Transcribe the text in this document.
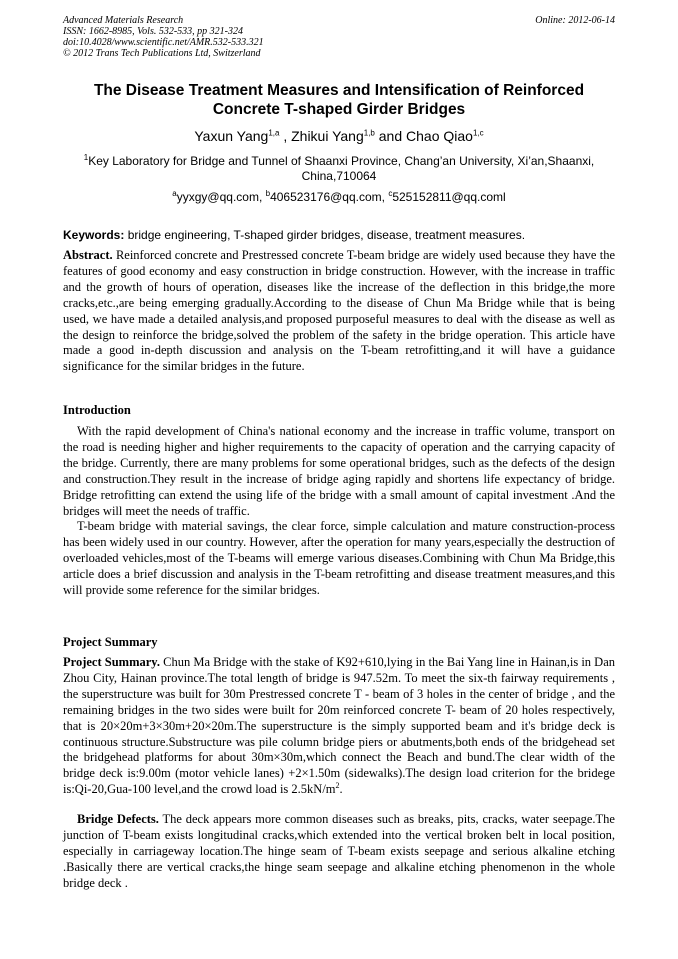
Advanced Materials Research
ISSN: 1662-8985, Vols. 532-533, pp 321-324
doi:10.4028/www.scientific.net/AMR.532-533.321
© 2012 Trans Tech Publications Ltd, Switzerland
Online: 2012-06-14
The Disease Treatment Measures and Intensification of Reinforced
Concrete T-shaped Girder Bridges
Yaxun Yang$^{1,a}$ , Zhikui Yang$^{1,b}$ and Chao Qiao$^{1,c}$
$^1$Key Laboratory for Bridge and Tunnel of Shaanxi Province, Chang’an University, Xi’an,Shaanxi, China,710064
$^a$yyxgy@qq.com, $^b$406523176@qq.com, $^c$525152811@qq.coml
Keywords: bridge engineering, T-shaped girder bridges, disease, treatment measures.
Abstract. Reinforced concrete and Prestressed concrete T-beam bridge are widely used because they have the features of good economy and easy construction in bridge construction. However, with the increase in traffic and the growth of hours of operation, diseases like the increase of the deflection in this bridge,the more cracks,etc.,are being emerging gradually.According to the disease of Chun Ma Bridge while that is being used, we have made a detailed analysis,and proposed purposeful measures to deal with the disease as well as the design to reinforce the bridge,solved the problem of the safety in the bridge operation. This article have made a good in-depth discussion and analysis on the T-beam retrofitting,and it will have a guidance significance for the similar bridges in the future.
Introduction
With the rapid development of China's national economy and the increase in traffic volume, transport on the road is needing higher and higher requirements to the capacity of operation and the carrying capacity of the bridge. Currently, there are many problems for some operational bridges, such as the defects of the design and construction.They result in the increase of bridge aging rapidly and shortens life expectancy of bridge. Bridge retrofitting can extend the using life of the bridge with a small amount of capital investment .And the bridges will meet the needs of traffic.
T-beam bridge with material savings, the clear force, simple calculation and mature construction-process has been widely used in our country. However, after the operation for many years,especially the destruction of overloaded vehicles,most of the T-beams will emerge various diseases.Combining with Chun Ma Bridge,this article does a brief discussion and analysis in the T-beam retrofitting and disease treatment measures,and this will provide some reference for the similar bridges.
Project Summary
Project Summary. Chun Ma Bridge with the stake of K92+610,lying in the Bai Yang line in Hainan,is in Dan Zhou City, Hainan province.The total length of bridge is 947.52m. To meet the six-th fairway requirements , the superstructure was built for 30m Prestressed concrete T - beam of 3 holes in the center of bridge , and the remaining bridges in the two sides were built for 20m reinforced concrete T- beam of 20 holes respectively, that is 20×20m+3×30m+20×20m.The superstructure is the simply supported beam and it's bridge deck is continuous structure.Substructure was pile column bridge piers or abutments,both ends of the bridgehead set the bridgehead platforms for about 30m×30m,which connect the Beach and bund.The clear width of the bridge deck is:9.00m (motor vehicle lanes) +2×1.50m (sidewalks).The design load criterion for the bridege is:Qi-20,Gua-100 level,and the crowd load is $2.5kN/m^2$.
Bridge Defects. The deck appears more common diseases such as breaks, pits, cracks, water seepage.The junction of T-beam exists longitudinal cracks,which extended into the vertical broken belt in local position, especially in carriageway location.The hinge seam of T-beam exists seepage and serious alkaline etching .Basically there are vertical cracks,the hinge seam seepage and alkaline etching phenomenon in the whole bridge deck .
